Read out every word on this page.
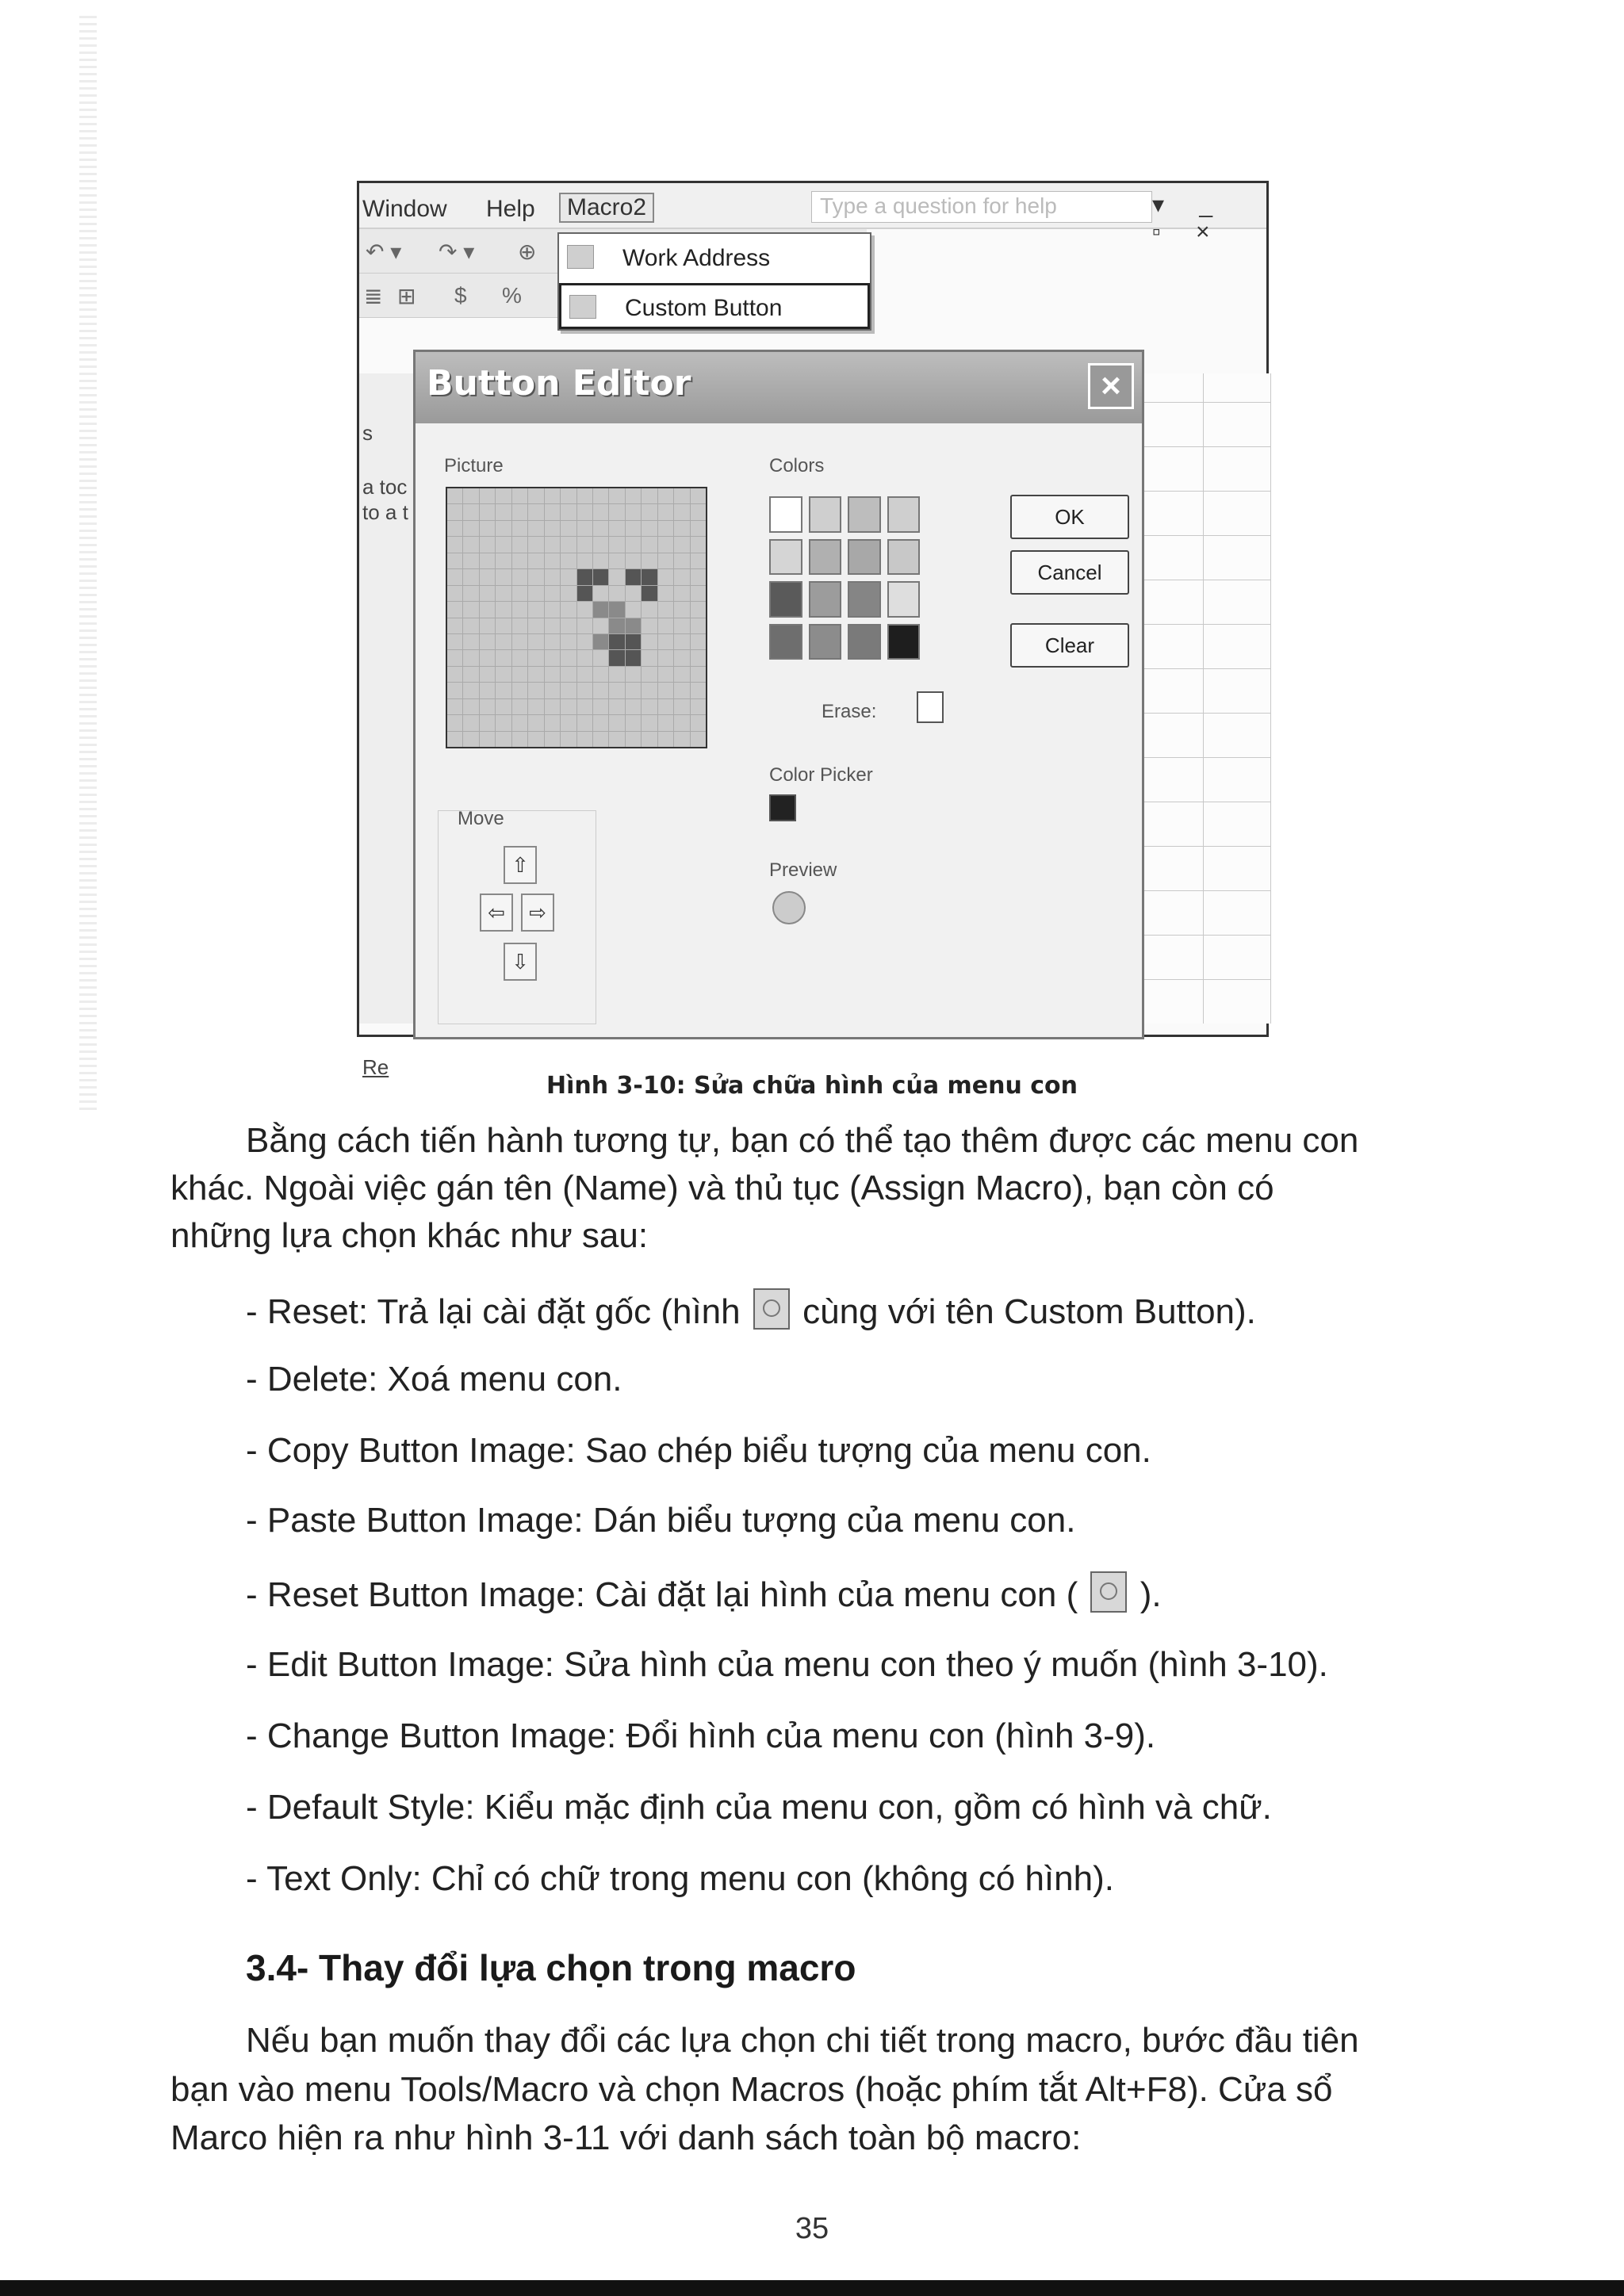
Window Help	Macro2	Type a question for help	▾ _ ▫ ×
↶ ▾ ↷ ▾ ⊕
≣ ⊞ $ %
s
a toc
to a t
Re
Button Editor	×
Picture	Colors
Erase:
Color Picker
Preview
OK
Cancel
Clear
Move
⇧
⇦	⇨
⇩
Work Address
Custom Button
Hình 3-10: Sửa chữa hình của menu con
Bằng cách tiến hành tương tự, bạn có thể tạo thêm được các menu con
khác. Ngoài việc gán tên (Name) và thủ tục (Assign Macro), bạn còn có
những lựa chọn khác như sau:
- Reset: Trả lại cài đặt gốc (hình cùng với tên Custom Button).
- Delete: Xoá menu con.
- Copy Button Image: Sao chép biểu tượng của menu con.
- Paste Button Image: Dán biểu tượng của menu con.
- Reset Button Image: Cài đặt lại hình của menu con ( ).
- Edit Button Image: Sửa hình của menu con theo ý muốn (hình 3-10).
- Change Button Image: Đổi hình của menu con (hình 3-9).
- Default Style: Kiểu mặc định của menu con, gồm có hình và chữ.
- Text Only: Chỉ có chữ trong menu con (không có hình).
3.4- Thay đổi lựa chọn trong macro
Nếu bạn muốn thay đổi các lựa chọn chi tiết trong macro, bước đầu tiên
bạn vào menu Tools/Macro và chọn Macros (hoặc phím tắt Alt+F8). Cửa sổ
Marco hiện ra như hình 3-11 với danh sách toàn bộ macro:
35
